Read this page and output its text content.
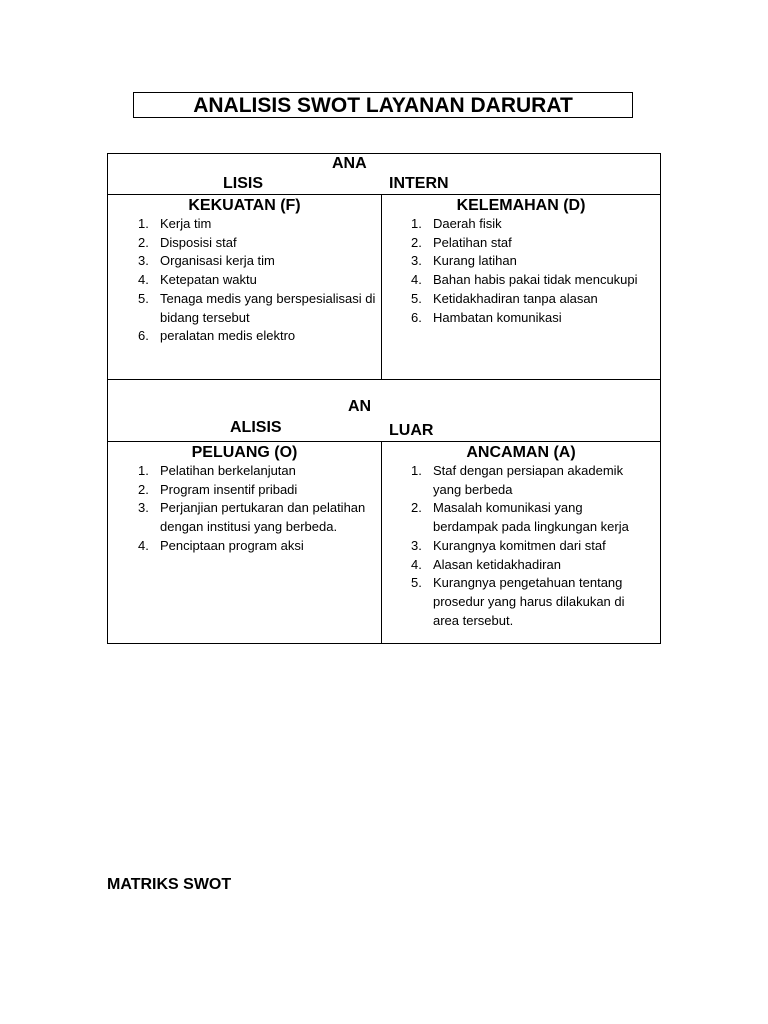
ANALISIS SWOT LAYANAN DARURAT
ANA
LISIS	INTERN
KEKUATAN (F)
1. Kerja tim
2. Disposisi staf
3. Organisasi kerja tim
4. Ketepatan waktu
5. Tenaga medis yang berspesialisasi di bidang tersebut
6. peralatan medis elektro
KELEMAHAN (D)
1. Daerah fisik
2. Pelatihan staf
3. Kurang latihan
4. Bahan habis pakai tidak mencukupi
5. Ketidakhadiran tanpa alasan
6. Hambatan komunikasi
AN
ALISIS	LUAR
PELUANG (O)
1. Pelatihan berkelanjutan
2. Program insentif pribadi
3. Perjanjian pertukaran dan pelatihan dengan institusi yang berbeda.
4. Penciptaan program aksi
ANCAMAN (A)
1. Staf dengan persiapan akademik yang berbeda
2. Masalah komunikasi yang berdampak pada lingkungan kerja
3. Kurangnya komitmen dari staf
4. Alasan ketidakhadiran
5. Kurangnya pengetahuan tentang prosedur yang harus dilakukan di area tersebut.
MATRIKS SWOT
